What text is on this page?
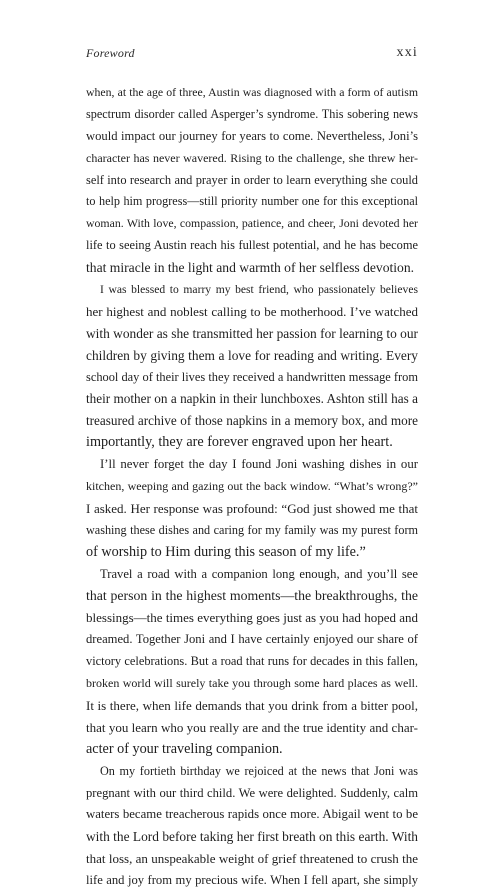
Foreword	xxi

when, at the age of three, Austin was diagnosed with a form of autism
spectrum disorder called Asperger’s syndrome. This sobering news
would impact our journey for years to come. Nevertheless, Joni’s
character has never wavered. Rising to the challenge, she threw her-
self into research and prayer in order to learn everything she could
to help him progress—still priority number one for this exceptional
woman. With love, compassion, patience, and cheer, Joni devoted her
life to seeing Austin reach his fullest potential, and he has become
that miracle in the light and warmth of her selfless devotion.

I was blessed to marry my best friend, who passionately believes
her highest and noblest calling to be motherhood. I’ve watched
with wonder as she transmitted her passion for learning to our
children by giving them a love for reading and writing. Every
school day of their lives they received a handwritten message from
their mother on a napkin in their lunchboxes. Ashton still has a
treasured archive of those napkins in a memory box, and more
importantly, they are forever engraved upon her heart.

I’ll never forget the day I found Joni washing dishes in our
kitchen, weeping and gazing out the back window. “What’s wrong?”
I asked. Her response was profound: “God just showed me that
washing these dishes and caring for my family was my purest form
of worship to Him during this season of my life.”

Travel a road with a companion long enough, and you’ll see
that person in the highest moments—the breakthroughs, the
blessings—the times everything goes just as you had hoped and
dreamed. Together Joni and I have certainly enjoyed our share of
victory celebrations. But a road that runs for decades in this fallen,
broken world will surely take you through some hard places as well.
It is there, when life demands that you drink from a bitter pool,
that you learn who you really are and the true identity and char-
acter of your traveling companion.

On my fortieth birthday we rejoiced at the news that Joni was
pregnant with our third child. We were delighted. Suddenly, calm
waters became treacherous rapids once more. Abigail went to be
with the Lord before taking her first breath on this earth. With
that loss, an unspeakable weight of grief threatened to crush the
life and joy from my precious wife. When I fell apart, she simply
